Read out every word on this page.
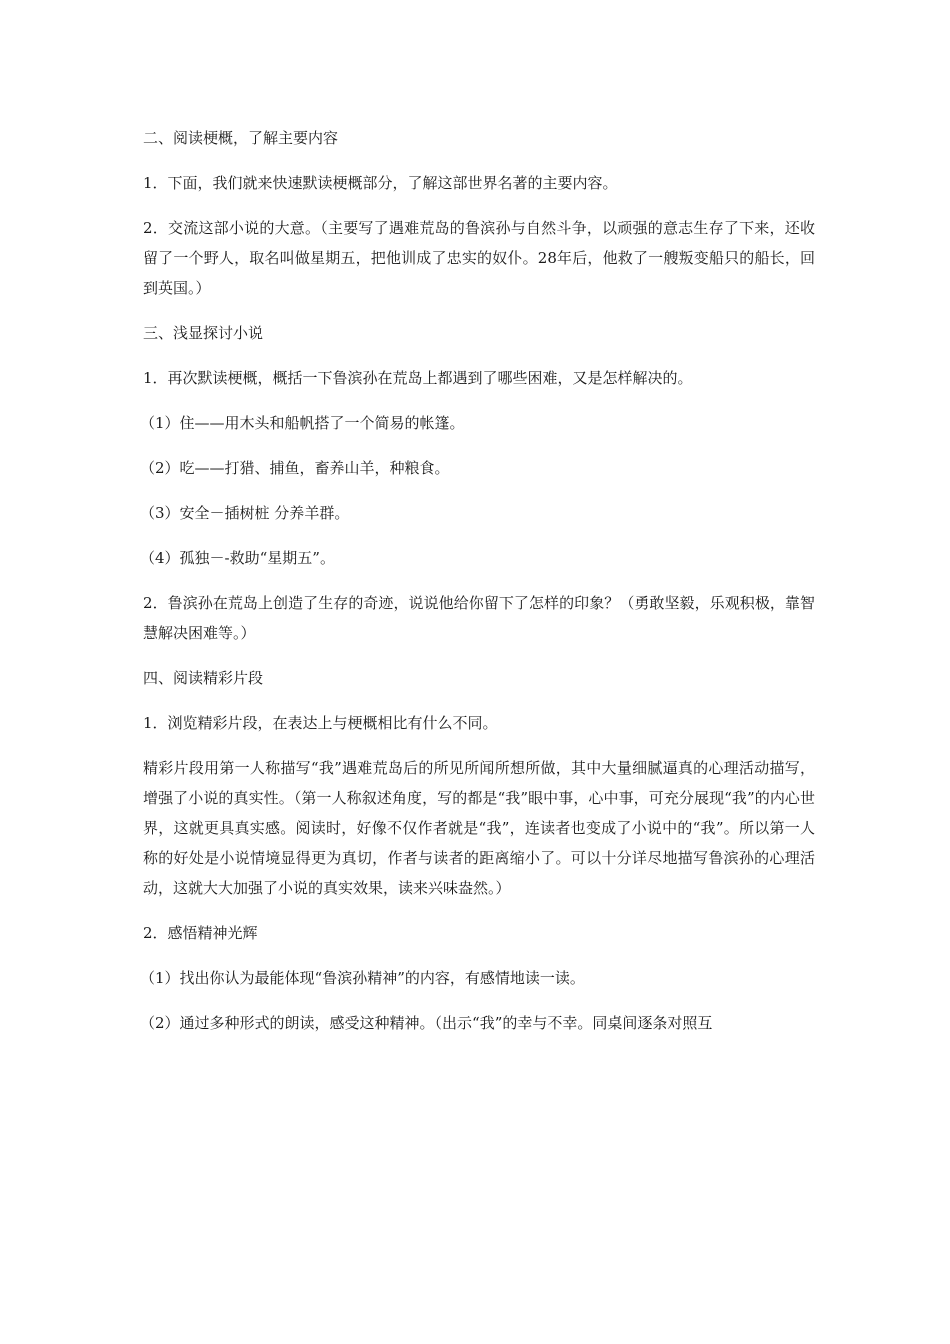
二、阅读梗概，了解主要内容

1．下面，我们就来快速默读梗概部分，了解这部世界名著的主要内容。

2．交流这部小说的大意。（主要写了遇难荒岛的鲁滨孙与自然斗争，以顽强的意志生存了下来，还收留了一个野人，取名叫做星期五，把他训成了忠实的奴仆。28年后，他救了一艘叛变船只的船长，回到英国。）

三、浅显探讨小说

1．再次默读梗概，概括一下鲁滨孙在荒岛上都遇到了哪些困难，又是怎样解决的。

（1）住——用木头和船帆搭了一个简易的帐篷。

（2）吃——打猎、捕鱼，畜养山羊，种粮食。

（3）安全－插树桩 分养羊群。

（4）孤独－-救助“星期五”。

2．鲁滨孙在荒岛上创造了生存的奇迹，说说他给你留下了怎样的印象？（勇敢坚毅，乐观积极，靠智慧解决困难等。）

四、阅读精彩片段

1．浏览精彩片段，在表达上与梗概相比有什么不同。

精彩片段用第一人称描写“我”遇难荒岛后的所见所闻所想所做，其中大量细腻逼真的心理活动描写，增强了小说的真实性。（第一人称叙述角度，写的都是“我”眼中事，心中事，可充分展现“我”的内心世界，这就更具真实感。阅读时，好像不仅作者就是“我”，连读者也变成了小说中的“我”。所以第一人称的好处是小说情境显得更为真切，作者与读者的距离缩小了。可以十分详尽地描写鲁滨孙的心理活动，这就大大加强了小说的真实效果，读来兴味盎然。）

2．感悟精神光辉

（1）找出你认为最能体现“鲁滨孙精神”的内容，有感情地读一读。

（2）通过多种形式的朗读，感受这种精神。（出示“我”的幸与不幸。同桌间逐条对照互
